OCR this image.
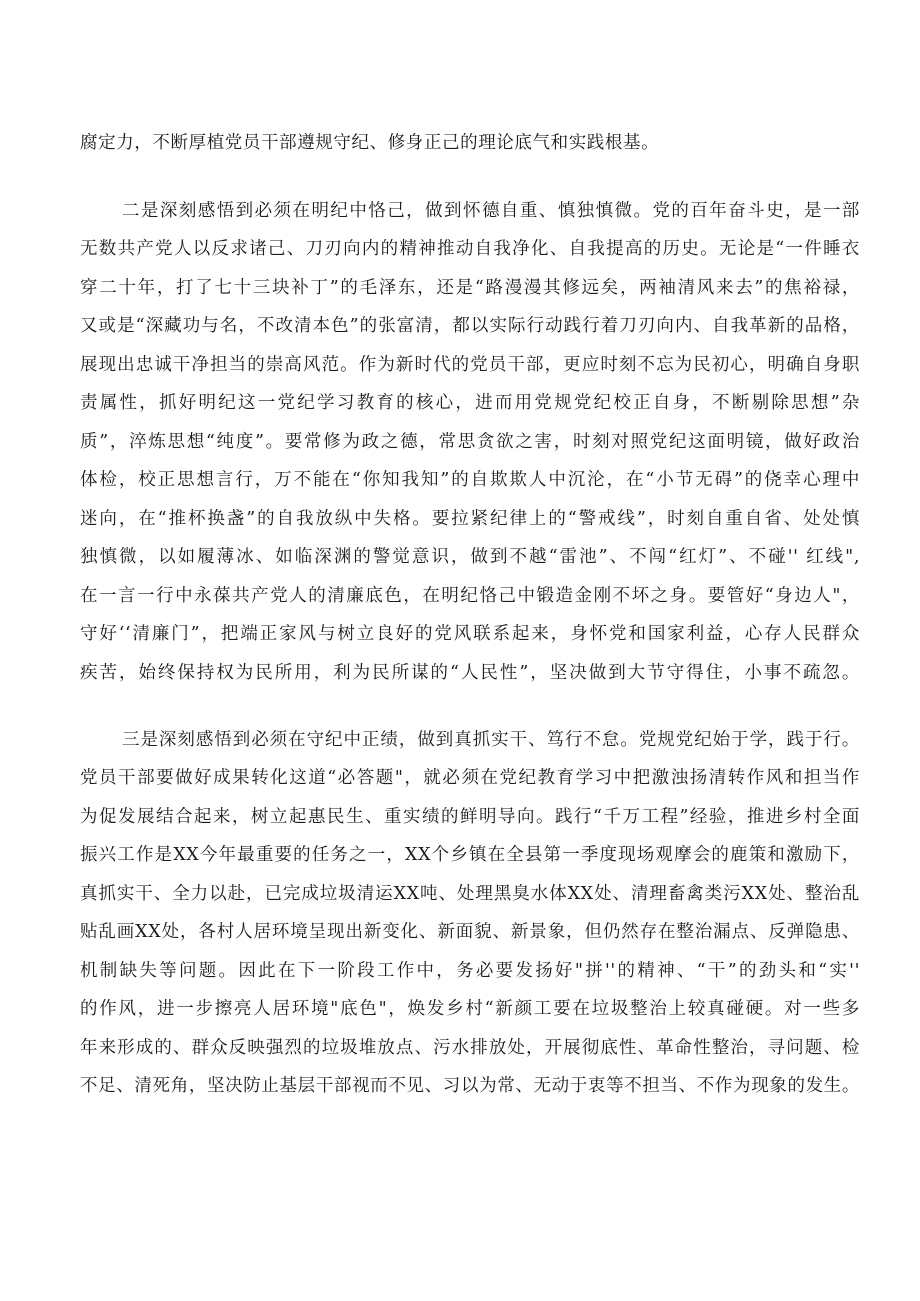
腐定力，不断厚植党员干部遵规守纪、修身正己的理论底气和实践根基。

二是深刻感悟到必须在明纪中恪己，做到怀德自重、慎独慎微。党的百年奋斗史，是一部

无数共产党人以反求诸己、刀刃向内的精神推动自我净化、自我提高的历史。无论是“一件睡衣

穿二十年，打了七十三块补丁”的毛泽东，还是“路漫漫其修远矣，两袖清风来去”的焦裕禄，

又或是“深藏功与名，不改清本色”的张富清，都以实际行动践行着刀刃向内、自我革新的品格，

展现出忠诚干净担当的崇高风范。作为新时代的党员干部，更应时刻不忘为民初心，明确自身职

责属性，抓好明纪这一党纪学习教育的核心，进而用党规党纪校正自身，不断剔除思想”杂

质”，淬炼思想“纯度”。要常修为政之德，常思贪欲之害，时刻对照党纪这面明镜，做好政治

体检，校正思想言行，万不能在“你知我知”的自欺欺人中沉沦，在“小节无碍”的侥幸心理中

迷向，在“推杯换盏”的自我放纵中失格。要拉紧纪律上的“警戒线”，时刻自重自省、处处慎

独慎微，以如履薄冰、如临深渊的警觉意识，做到不越“雷池”、不闯“红灯”、不碰'' 红线",

在一言一行中永葆共产党人的清廉底色，在明纪恪己中锻造金刚不坏之身。要管好“身边人"，

守好‘‘清廉门”，把端正家风与树立良好的党风联系起来，身怀党和国家利益，心存人民群众

疾苦，始终保持权为民所用，利为民所谋的“人民性”，坚决做到大节守得住，小事不疏忽。

三是深刻感悟到必须在守纪中正绩，做到真抓实干、笃行不怠。党规党纪始于学，践于行。

党员干部要做好成果转化这道“必答题"，就必须在党纪教育学习中把激浊扬清转作风和担当作

为促发展结合起来，树立起惠民生、重实绩的鲜明导向。践行“千万工程”经验，推进乡村全面

振兴工作是XX今年最重要的任务之一，XX个乡镇在全县第一季度现场观摩会的鹿策和激励下，

真抓实干、全力以赴，已完成垃圾清运XX吨、处理黑臭水体XX处、清理畜禽类污XX处、整治乱

贴乱画XX处，各村人居环境呈现出新变化、新面貌、新景象，但仍然存在整治漏点、反弹隐患、

机制缺失等问题。因此在下一阶段工作中，务必要发扬好"拼''的精神、“干”的劲头和“实''

的作风，进一步擦亮人居环境"底色"，焕发乡村“新颜工要在垃圾整治上较真碰硬。对一些多

年来形成的、群众反映强烈的垃圾堆放点、污水排放处，开展彻底性、革命性整治，寻问题、检

不足、清死角，坚决防止基层干部视而不见、习以为常、无动于衷等不担当、不作为现象的发生。
